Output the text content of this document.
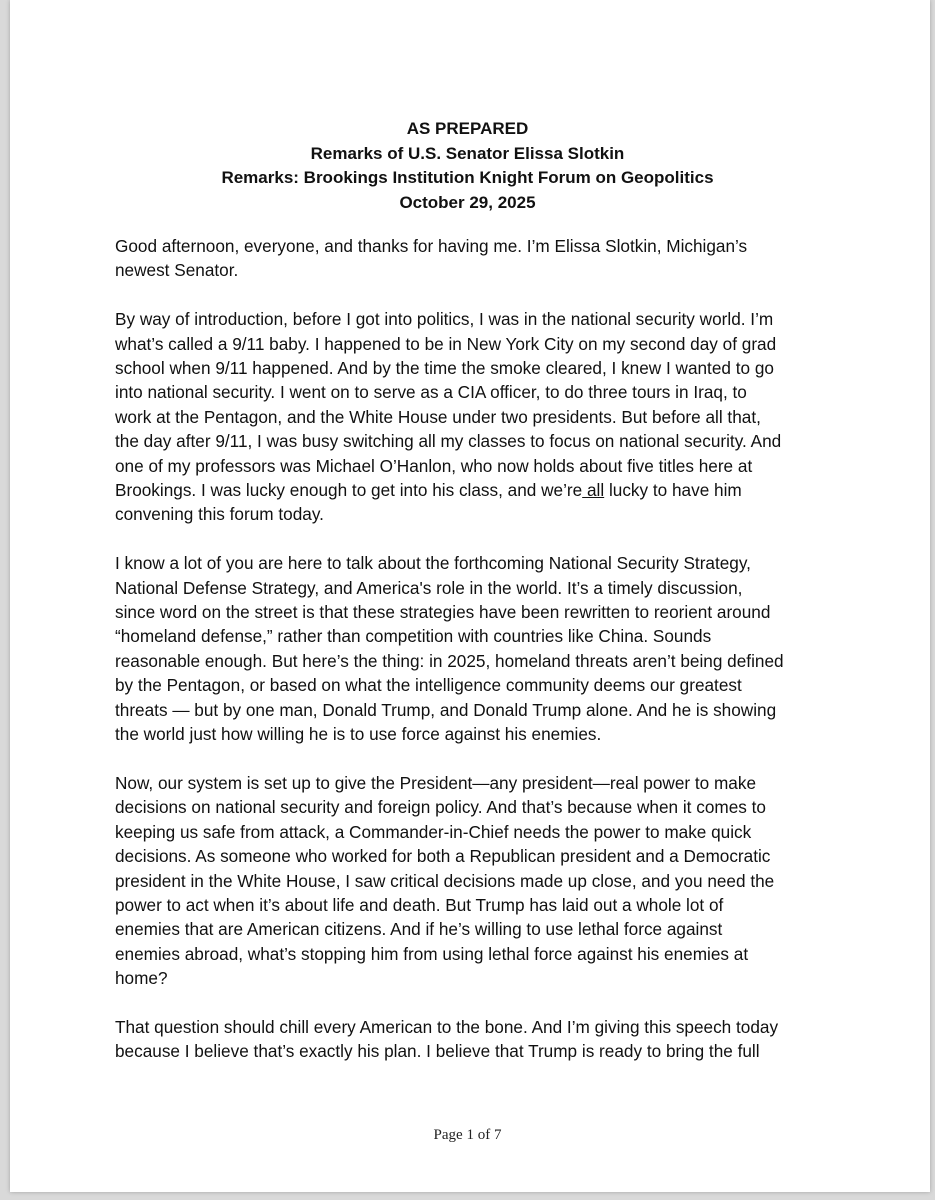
AS PREPARED
Remarks of U.S. Senator Elissa Slotkin
Remarks: Brookings Institution Knight Forum on Geopolitics
October 29, 2025

Good afternoon, everyone, and thanks for having me. I’m Elissa Slotkin, Michigan’s
newest Senator.

By way of introduction, before I got into politics, I was in the national security world. I’m
what’s called a 9/11 baby. I happened to be in New York City on my second day of grad
school when 9/11 happened. And by the time the smoke cleared, I knew I wanted to go
into national security. I went on to serve as a CIA officer, to do three tours in Iraq, to
work at the Pentagon, and the White House under two presidents. But before all that,
the day after 9/11, I was busy switching all my classes to focus on national security. And
one of my professors was Michael O’Hanlon, who now holds about five titles here at
Brookings. I was lucky enough to get into his class, and we’re all lucky to have him
convening this forum today.

I know a lot of you are here to talk about the forthcoming National Security Strategy,
National Defense Strategy, and America's role in the world. It’s a timely discussion,
since word on the street is that these strategies have been rewritten to reorient around
“homeland defense,” rather than competition with countries like China. Sounds
reasonable enough. But here’s the thing: in 2025, homeland threats aren’t being defined
by the Pentagon, or based on what the intelligence community deems our greatest
threats — but by one man, Donald Trump, and Donald Trump alone. And he is showing
the world just how willing he is to use force against his enemies.

Now, our system is set up to give the President—any president—real power to make
decisions on national security and foreign policy. And that’s because when it comes to
keeping us safe from attack, a Commander-in-Chief needs the power to make quick
decisions. As someone who worked for both a Republican president and a Democratic
president in the White House, I saw critical decisions made up close, and you need the
power to act when it’s about life and death. But Trump has laid out a whole lot of
enemies that are American citizens. And if he’s willing to use lethal force against
enemies abroad, what’s stopping him from using lethal force against his enemies at
home?

That question should chill every American to the bone. And I’m giving this speech today
because I believe that’s exactly his plan. I believe that Trump is ready to bring the full

Page 1 of 7
